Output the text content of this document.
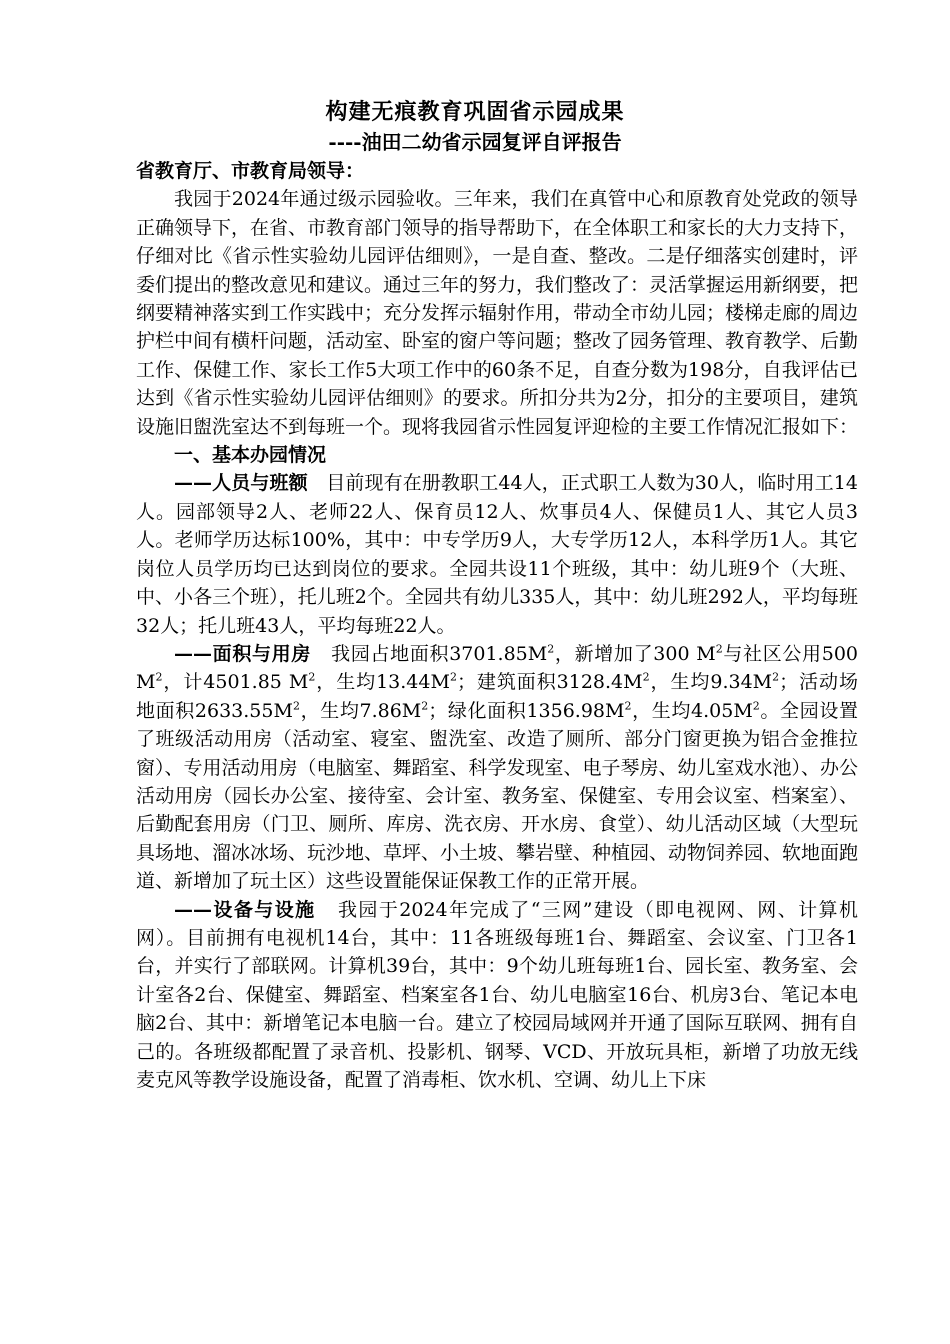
构建无痕教育巩固省示园成果
----油田二幼省示园复评自评报告

省教育厅、市教育局领导：

我园于2024年通过级示园验收。三年来，我们在真管中心和原教育处党政的领导正确领导下，在省、市教育部门领导的指导帮助下，在全体职工和家长的大力支持下，仔细对比《省示性实验幼儿园评估细则》，一是自查、整改。二是仔细落实创建时，评委们提出的整改意见和建议。通过三年的努力，我们整改了：灵活掌握运用新纲要，把纲要精神落实到工作实践中；充分发挥示辐射作用，带动全市幼儿园；楼梯走廊的周边护栏中间有横杆问题，活动室、卧室的窗户等问题；整改了园务管理、教育教学、后勤工作、保健工作、家长工作5大项工作中的60条不足，自查分数为198分，自我评估已达到《省示性实验幼儿园评估细则》的要求。所扣分共为2分，扣分的主要项目，建筑设施旧盥洗室达不到每班一个。现将我园省示性园复评迎检的主要工作情况汇报如下：

一、基本办园情况

——人员与班额 目前现有在册教职工44人，正式职工人数为30人，临时用工14人。园部领导2人、老师22人、保育员12人、炊事员4人、保健员1人、其它人员3人。老师学历达标100%，其中：中专学历9人，大专学历12人，本科学历1人。其它岗位人员学历均已达到岗位的要求。全园共设11个班级，其中：幼儿班9个（大班、中、小各三个班），托儿班2个。全园共有幼儿335人，其中：幼儿班292人，平均每班32人；托儿班43人，平均每班22人。

——面积与用房 我园占地面积$3701.85M^2$，新增加了300 $M^2$与社区公用500 $M^2$，计4501.85 $M^2$，生均$13.44M^2$；建筑面积$3128.4M^2$，生均$9.34M^2$；活动场地面积$2633.55M^2$，生均$7.86M^2$；绿化面积$1356.98M^2$，生均$4.05M^2$。全园设置了班级活动用房（活动室、寝室、盥洗室、改造了厕所、部分门窗更换为铝合金推拉窗）、专用活动用房（电脑室、舞蹈室、科学发现室、电子琴房、幼儿室戏水池）、办公活动用房（园长办公室、接待室、会计室、教务室、保健室、专用会议室、档案室）、后勤配套用房（门卫、厕所、库房、洗衣房、开水房、食堂）、幼儿活动区域（大型玩具场地、溜冰冰场、玩沙地、草坪、小土坡、攀岩壁、种植园、动物饲养园、软地面跑道、新增加了玩土区）这些设置能保证保教工作的正常开展。

——设备与设施 我园于2024年完成了“三网”建设（即电视网、网、计算机网）。目前拥有电视机14台，其中：11各班级每班1台、舞蹈室、会议室、门卫各1台，并实行了部联网。计算机39台，其中：9个幼儿班每班1台、园长室、教务室、会计室各2台、保健室、舞蹈室、档案室各1台、幼儿电脑室16台、机房3台、笔记本电脑2台、其中：新增笔记本电脑一台。建立了校园局域网并开通了国际互联网、拥有自己的。各班级都配置了录音机、投影机、钢琴、VCD、开放玩具柜，新增了功放无线麦克风等教学设施设备，配置了消毒柜、饮水机、空调、幼儿上下床
